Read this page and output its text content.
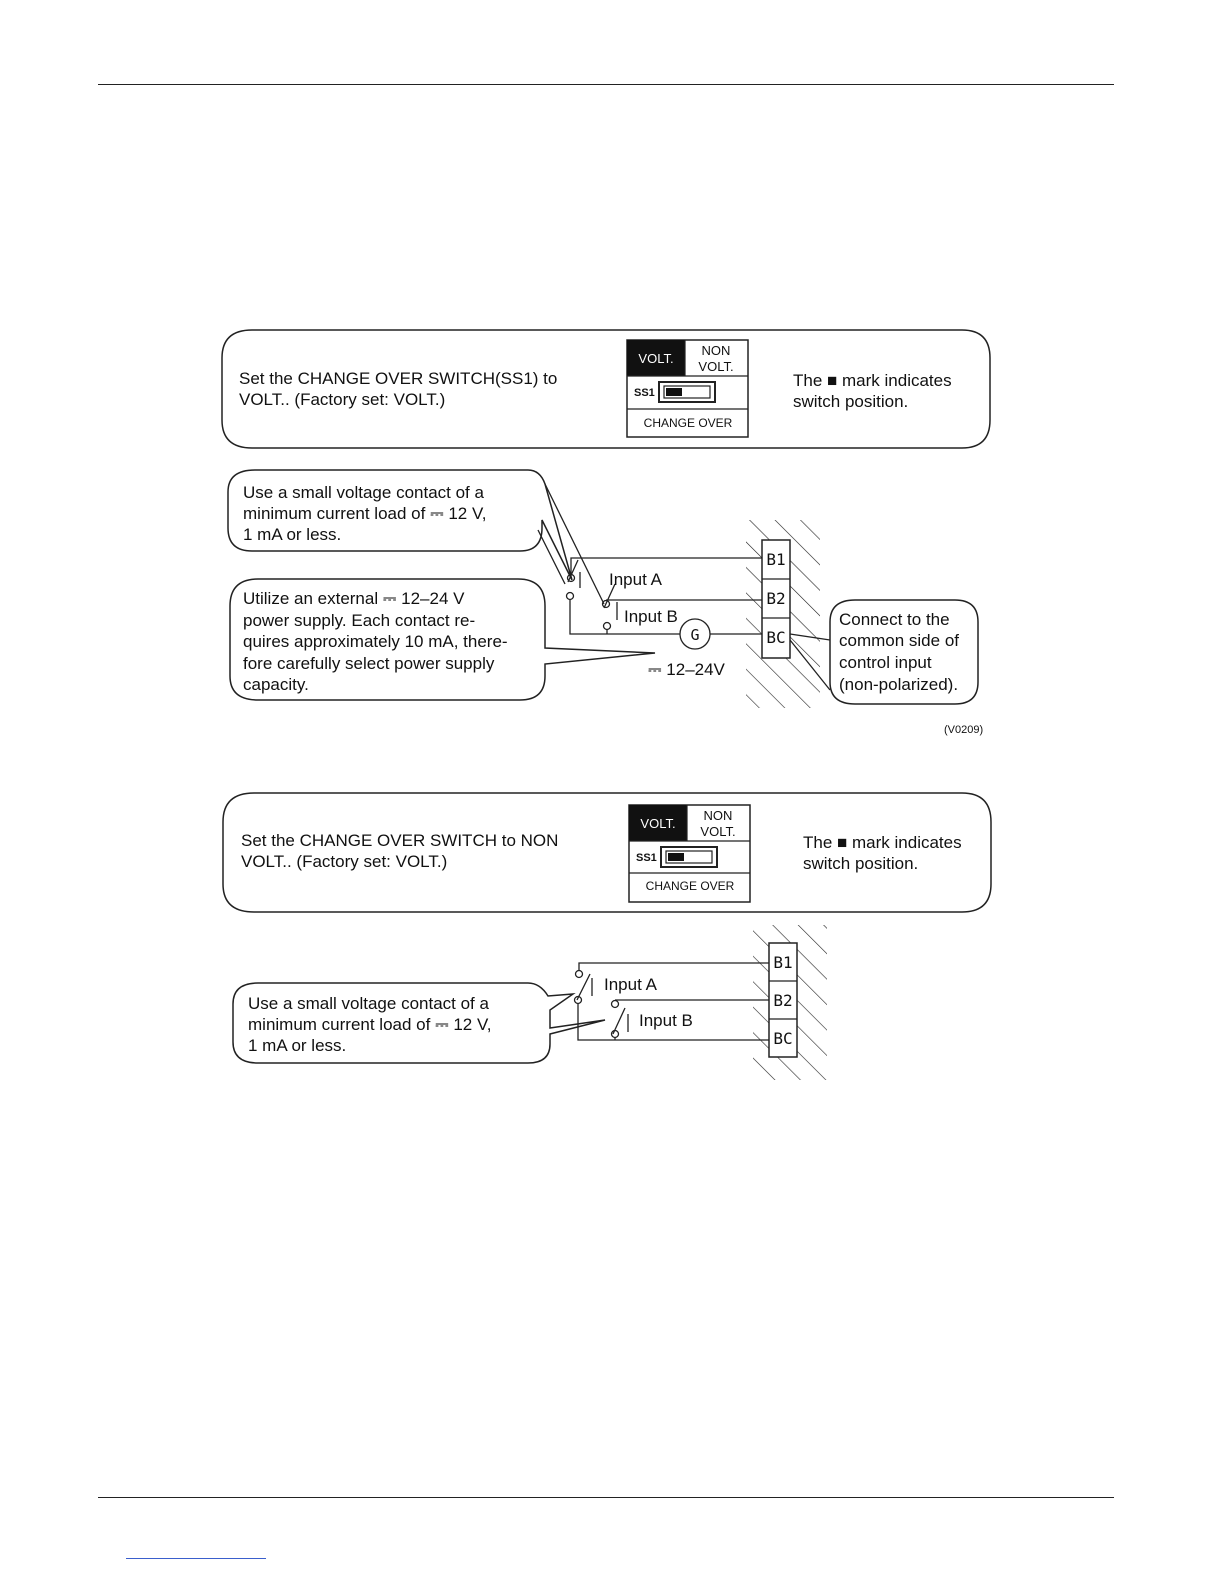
Set the CHANGE OVER SWITCH(SS1) to
VOLT.. (Factory set: VOLT.)
VOLT.
NON
VOLT.
SS1
CHANGE OVER
The ■ mark indicates
switch position.
Use a small voltage contact of a
minimum current load of ⎓ 12 V,
1 mA or less.
Utilize an external ⎓ 12–24 V
power supply. Each contact re-
quires approximately 10 mA, there-
fore carefully select power supply
capacity.
B1
B2
BC
Input A
Input B
G
⎓ 12–24V
Connect to the
common side of
control input
(non-polarized).
(V0209)
Set the CHANGE OVER SWITCH to NON
VOLT.. (Factory set: VOLT.)
VOLT.
NON
VOLT.
SS1
CHANGE OVER
The ■ mark indicates
switch position.
Use a small voltage contact of a
minimum current load of ⎓ 12 V,
1 mA or less.
B1
B2
BC
Input A
Input B
